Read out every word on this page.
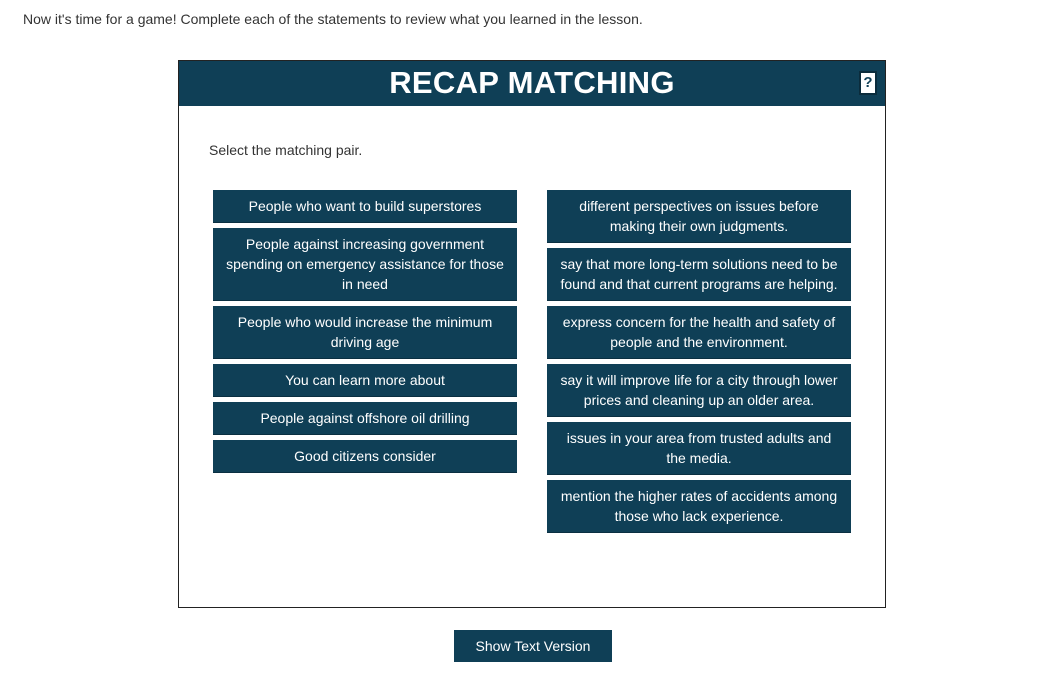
Now it's time for a game! Complete each of the statements to review what you learned in the lesson.
RECAP MATCHING	?
Select the matching pair.
People who want to build superstores
People against increasing government spending on emergency assistance for those in need
People who would increase the minimum driving age
You can learn more about
People against offshore oil drilling
Good citizens consider
different perspectives on issues before making their own judgments.
say that more long-term solutions need to be found and that current programs are helping.
express concern for the health and safety of people and the environment.
say it will improve life for a city through lower prices and cleaning up an older area.
issues in your area from trusted adults and the media.
mention the higher rates of accidents among those who lack experience.
Show Text Version
